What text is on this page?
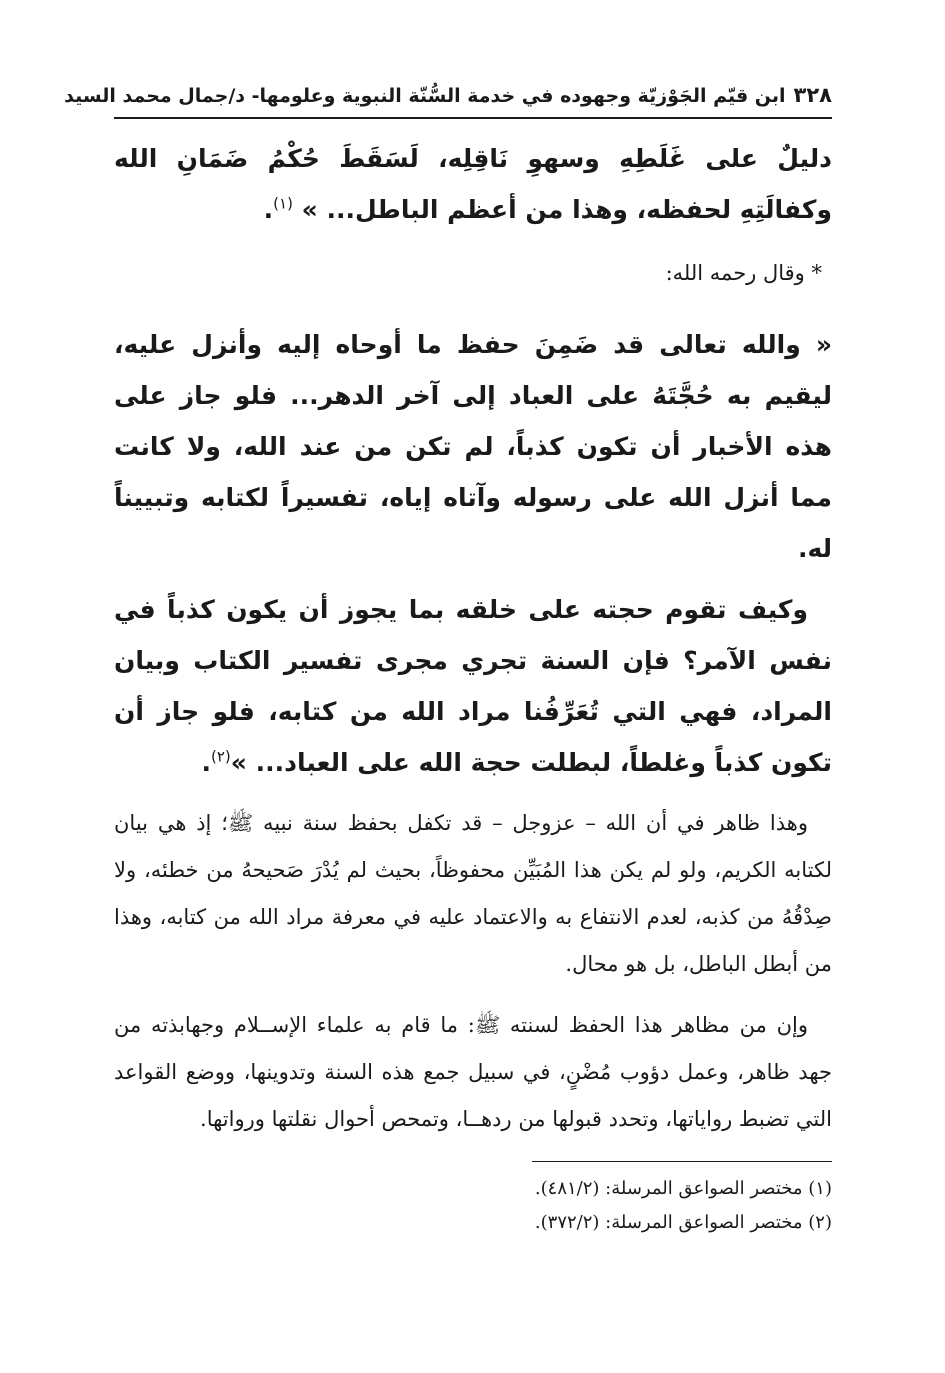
٣٢٨
ابن قيّم الجَوْزيّة وجهوده في خدمة السُّنّة النبوية وعلومها- د/جمال محمد السيد

دليلٌ على غَلَطِهِ وسهوِ نَاقِلِه، لَسَقَطَ حُكْمُ ضَمَانِ الله وكفالَتِهِ لحفظه، وهذا من أعظم الباطل... » $^{(١)}$.

* وقال رحمه الله:

« والله تعالى قد ضَمِنَ حفظ ما أوحاه إليه وأنزل عليه، ليقيم به حُجَّتَهُ على العباد إلى آخر الدهر... فلو جاز على هذه الأخبار أن تكون كذباً، لم تكن من عند الله، ولا كانت مما أنزل الله على رسوله وآتاه إياه، تفسيراً لكتابه وتبييناً له.

وكيف تقوم حجته على خلقه بما يجوز أن يكون كذباً في نفس الآمر؟ فإن السنة تجري مجرى تفسير الكتاب وبيان المراد، فهي التي تُعَرِّفُنا مراد الله من كتابه، فلو جاز أن تكون كذباً وغلطاً، لبطلت حجة الله على العباد... »$^{(٢)}$.

وهذا ظاهر في أن الله – عزوجل – قد تكفل بحفظ سنة نبيه ﷺ؛ إذ هي بيان لكتابه الكريم، ولو لم يكن هذا المُبَيِّن محفوظاً، بحيث لم يُدْرَ صَحيحهُ من خطئه، ولا صِدْقُهُ من كذبه، لعدم الانتفاع به والاعتماد عليه في معرفة مراد الله من كتابه، وهذا من أبطل الباطل، بل هو محال.

وإن من مظاهر هذا الحفظ لسنته ﷺ: ما قام به علماء الإســلام وجهابذته من جهد ظاهر، وعمل دؤوب مُضْنٍ، في سبيل جمع هذه السنة وتدوينها، ووضع القواعد التي تضبط رواياتها، وتحدد قبولها من ردهــا، وتمحص أحوال نقلتها ورواتها.

(١) مختصر الصواعق المرسلة: (٤٨١/٢).

(٢) مختصر الصواعق المرسلة: (٣٧٢/٢).
